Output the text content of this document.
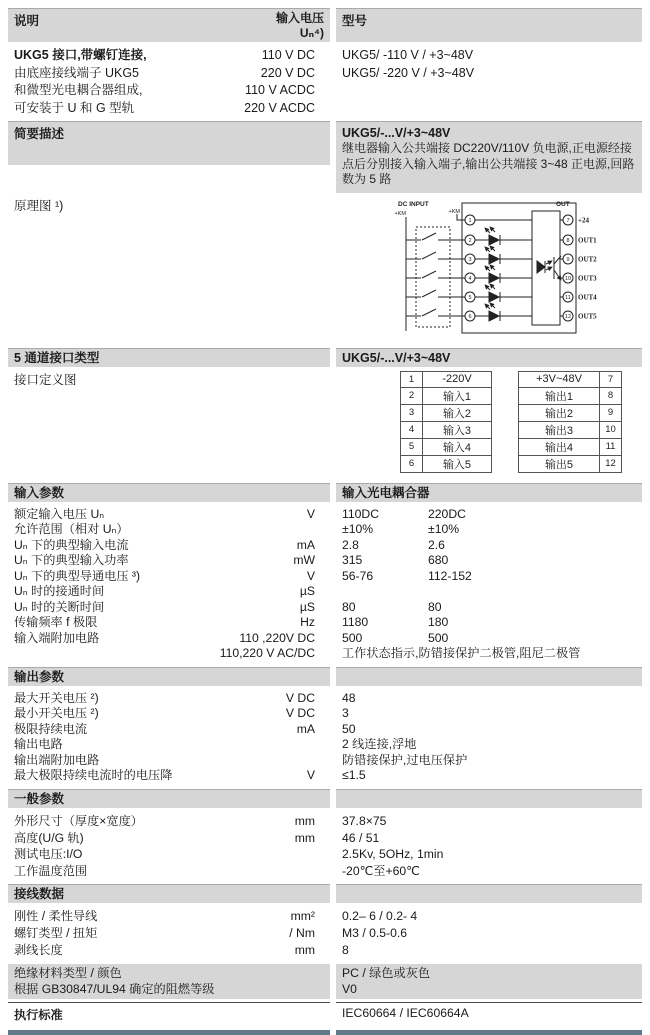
说明	输入电压
Uₙ⁴)
型号
UKG5 接口,带螺钉连接,	110 V DC
由底座接线端子 UKG5	220 V DC
和微型光电耦合器组成,	110 V ACDC
可安装于 U 和 G 型轨	220 V ACDC
UKG5/ -110 V / +3~48V
UKG5/ -220 V / +3~48V
简要描述	UKG5/-...V/+3~48V
继电器输入公共端接 DC220V/110V 负电源,正电源经接点后分别接入输入端子,输出公共端接 3~48 正电源,回路数为 5 路
原理图 ¹)	DC INPUT	OUT
+KM	+KM
1
2
3
4
5
6
7
8
9
10
11
12
+24
OUT1
OUT2
OUT3
OUT4
OUT5
5 通道接口类型	UKG5/-...V/+3~48V
接口定义图	1	-220V
2	输入1
3	输入2
4	输入3
5	输入4
6	输入5
+3V~48V	7
输出1	8
输出2	9
输出3	10
输出4	11
输出5	12
输入参数	输入光电耦合器
额定输入电压 Uₙ	V	110DC	220DC
允许范围（相对 Uₙ）	±10%	±10%
Uₙ 下的典型输入电流	mA	2.8	2.6
Uₙ 下的典型输入功率	mW	315	680
Uₙ 下的典型导通电压 ³)	V	56-76	112-152
Uₙ 时的接通时间	µS
Uₙ 时的关断时间	µS	80	80
传输频率 f 极限	Hz	1180	180
输入端附加电路	110 ,220V DC	500	500
110,220 V AC/DC	工作状态指示,防错接保护二极管,阻尼二极管
输出参数
最大开关电压 ²)	V DC	48
最小开关电压 ²)	V DC	3
极限持续电流	mA	50
输出电路	2 线连接,浮地
输出端附加电路	防错接保护,过电压保护
最大极限持续电流时的电压降	V	≤1.5
一般参数
外形尺寸（厚度×宽度）	mm	37.8×75
高度(U/G 轨)	mm	46 / 51
测试电压:I/O	2.5Kv, 5OHz, 1min
工作温度范围	-20℃至+60℃
接线数据
刚性 / 柔性导线	mm²	0.2– 6 / 0.2- 4
螺钉类型 / 扭矩	/ Nm	M3 / 0.5-0.6
剥线长度	mm	8
绝缘材料类型 / 颜色	PC / 绿色或灰色
根据 GB30847/UL94 确定的阻燃等级	V0
执行标准	IEC60664 / IEC60664A
